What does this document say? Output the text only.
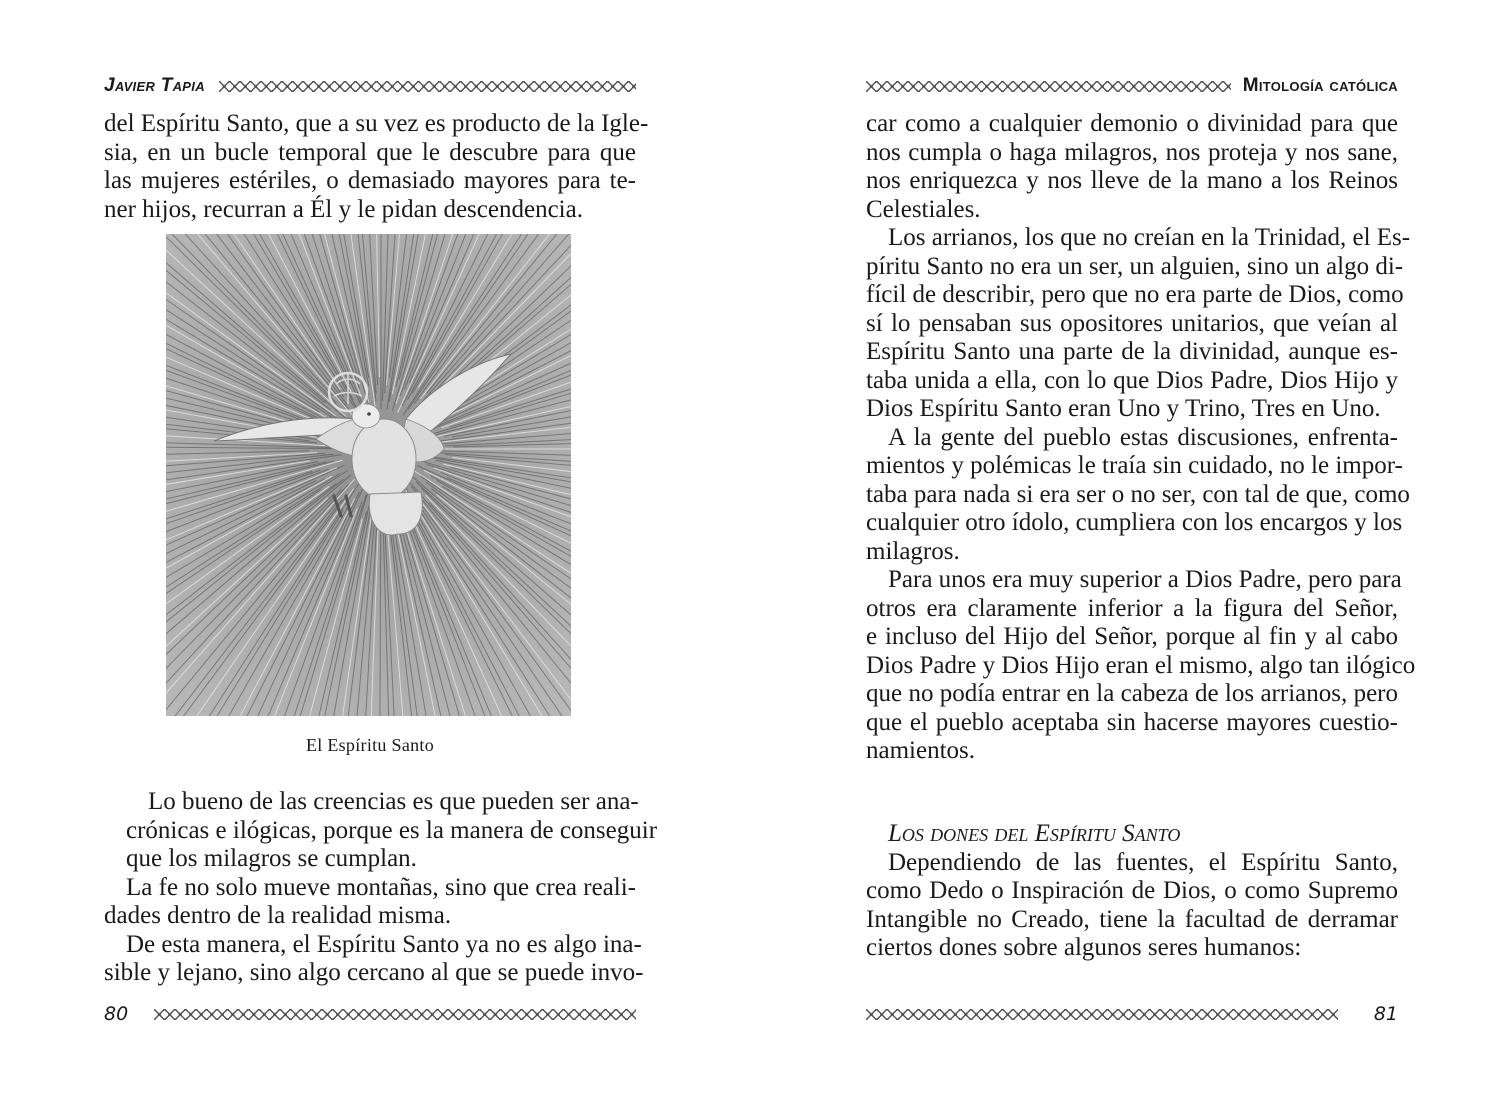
Javier Tapia
del Espíritu Santo, que a su vez es producto de la Igle-
sia, en un bucle temporal que le descubre para que
las mujeres estériles, o demasiado mayores para te-
ner hijos, recurran a Él y le pidan descendencia.
El Espíritu Santo

Lo bueno de las creencias es que pueden ser ana-
crónicas e ilógicas, porque es la manera de conseguir
que los milagros se cumplan.

La fe no solo mueve montañas, sino que crea reali-
dades dentro de la realidad misma.

De esta manera, el Espíritu Santo ya no es algo ina-
sible y lejano, sino algo cercano al que se puede invo-

80
Mitología católica

car como a cualquier demonio o divinidad para que
nos cumpla o haga milagros, nos proteja y nos sane,
nos enriquezca y nos lleve de la mano a los Reinos
Celestiales.

Los arrianos, los que no creían en la Trinidad, el Es-
píritu Santo no era un ser, un alguien, sino un algo di-
fícil de describir, pero que no era parte de Dios, como
sí lo pensaban sus opositores unitarios, que veían al
Espíritu Santo una parte de la divinidad, aunque es-
taba unida a ella, con lo que Dios Padre, Dios Hijo y
Dios Espíritu Santo eran Uno y Trino, Tres en Uno.

A la gente del pueblo estas discusiones, enfrenta-
mientos y polémicas le traía sin cuidado, no le impor-
taba para nada si era ser o no ser, con tal de que, como
cualquier otro ídolo, cumpliera con los encargos y los
milagros.

Para unos era muy superior a Dios Padre, pero para
otros era claramente inferior a la figura del Señor,
e incluso del Hijo del Señor, porque al fin y al cabo
Dios Padre y Dios Hijo eran el mismo, algo tan ilógico
que no podía entrar en la cabeza de los arrianos, pero
que el pueblo aceptaba sin hacerse mayores cuestio-
namientos.

Los dones del Espíritu Santo
Dependiendo de las fuentes, el Espíritu Santo,
como Dedo o Inspiración de Dios, o como Supremo
Intangible no Creado, tiene la facultad de derramar
ciertos dones sobre algunos seres humanos:
81
